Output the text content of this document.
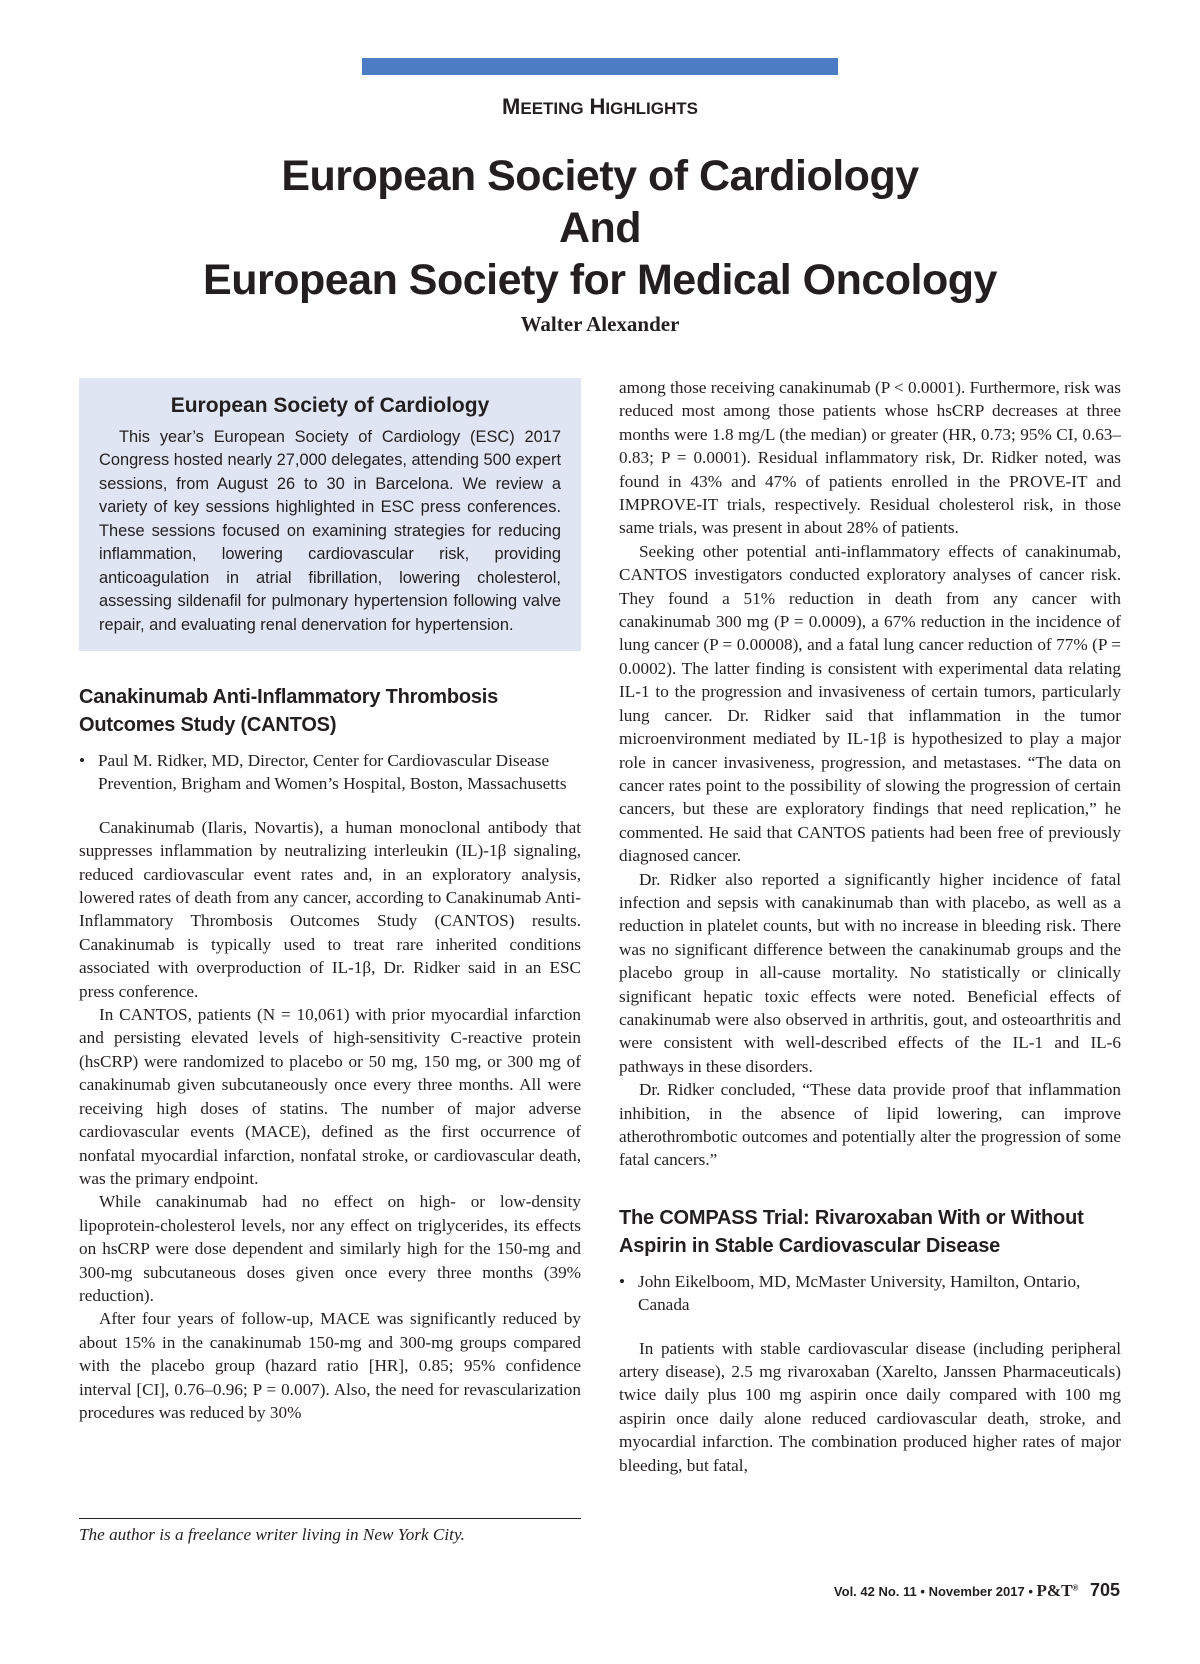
MEETING HIGHLIGHTS
European Society of Cardiology
And
European Society for Medical Oncology
Walter Alexander
European Society of Cardiology

This year’s European Society of Cardiology (ESC) 2017 Congress hosted nearly 27,000 delegates, attending 500 expert sessions, from August 26 to 30 in Barcelona. We review a variety of key sessions highlighted in ESC press conferences. These sessions focused on examining strategies for reducing inflammation, lowering cardiovascular risk, providing anticoagulation in atrial fibrillation, lowering cholesterol, assessing sildenafil for pulmonary hypertension following valve repair, and evaluating renal denervation for hypertension.

Canakinumab Anti-Inflammatory Thrombosis Outcomes Study (CANTOS)
• Paul M. Ridker, MD, Director, Center for Cardiovascular Disease Prevention, Brigham and Women’s Hospital, Boston, Massachusetts

Canakinumab (Ilaris, Novartis), a human monoclonal antibody that suppresses inflammation by neutralizing interleukin (IL)-1β signaling, reduced cardiovascular event rates and, in an exploratory analysis, lowered rates of death from any cancer, according to Canakinumab Anti-Inflammatory Thrombosis Outcomes Study (CANTOS) results. Canakinumab is typically used to treat rare inherited conditions associated with overproduction of IL-1β, Dr. Ridker said in an ESC press conference.

In CANTOS, patients (N = 10,061) with prior myocardial infarction and persisting elevated levels of high-sensitivity C-reactive protein (hsCRP) were randomized to placebo or 50 mg, 150 mg, or 300 mg of canakinumab given subcutaneously once every three months. All were receiving high doses of statins. The number of major adverse cardiovascular events (MACE), defined as the first occurrence of nonfatal myocardial infarction, nonfatal stroke, or cardiovascular death, was the primary endpoint.

While canakinumab had no effect on high- or low-density lipoprotein-cholesterol levels, nor any effect on triglycerides, its effects on hsCRP were dose dependent and similarly high for the 150-mg and 300-mg subcutaneous doses given once every three months (39% reduction).

After four years of follow-up, MACE was significantly reduced by about 15% in the canakinumab 150-mg and 300-mg groups compared with the placebo group (hazard ratio [HR], 0.85; 95% confidence interval [CI], 0.76–0.96; P = 0.007). Also, the need for revascularization procedures was reduced by 30%

The author is a freelance writer living in New York City.

among those receiving canakinumab (P < 0.0001). Furthermore, risk was reduced most among those patients whose hsCRP decreases at three months were 1.8 mg/L (the median) or greater (HR, 0.73; 95% CI, 0.63–0.83; P = 0.0001). Residual inflammatory risk, Dr. Ridker noted, was found in 43% and 47% of patients enrolled in the PROVE-IT and IMPROVE-IT trials, respectively. Residual cholesterol risk, in those same trials, was present in about 28% of patients.

Seeking other potential anti-inflammatory effects of canakinumab, CANTOS investigators conducted exploratory analyses of cancer risk. They found a 51% reduction in death from any cancer with canakinumab 300 mg (P = 0.0009), a 67% reduction in the incidence of lung cancer (P = 0.00008), and a fatal lung cancer reduction of 77% (P = 0.0002). The latter finding is consistent with experimental data relating IL-1 to the progression and invasiveness of certain tumors, particularly lung cancer. Dr. Ridker said that inflammation in the tumor microenvironment mediated by IL-1β is hypothesized to play a major role in cancer invasiveness, progression, and metastases. “The data on cancer rates point to the possibility of slowing the progression of certain cancers, but these are exploratory findings that need replication,” he commented. He said that CANTOS patients had been free of previously diagnosed cancer.

Dr. Ridker also reported a significantly higher incidence of fatal infection and sepsis with canakinumab than with placebo, as well as a reduction in platelet counts, but with no increase in bleeding risk. There was no significant difference between the canakinumab groups and the placebo group in all-cause mortality. No statistically or clinically significant hepatic toxic effects were noted. Beneficial effects of canakinumab were also observed in arthritis, gout, and osteoarthritis and were consistent with well-described effects of the IL-1 and IL-6 pathways in these disorders.

Dr. Ridker concluded, “These data provide proof that inflammation inhibition, in the absence of lipid lowering, can improve atherothrombotic outcomes and potentially alter the progression of some fatal cancers.”

The COMPASS Trial: Rivaroxaban With or Without Aspirin in Stable Cardiovascular Disease
• John Eikelboom, MD, McMaster University, Hamilton, Ontario, Canada

In patients with stable cardiovascular disease (including peripheral artery disease), 2.5 mg rivaroxaban (Xarelto, Janssen Pharmaceuticals) twice daily plus 100 mg aspirin once daily compared with 100 mg aspirin once daily alone reduced cardiovascular death, stroke, and myocardial infarction. The combination produced higher rates of major bleeding, but fatal,

Vol. 42 No. 11 • November 2017 • P&T® 705
